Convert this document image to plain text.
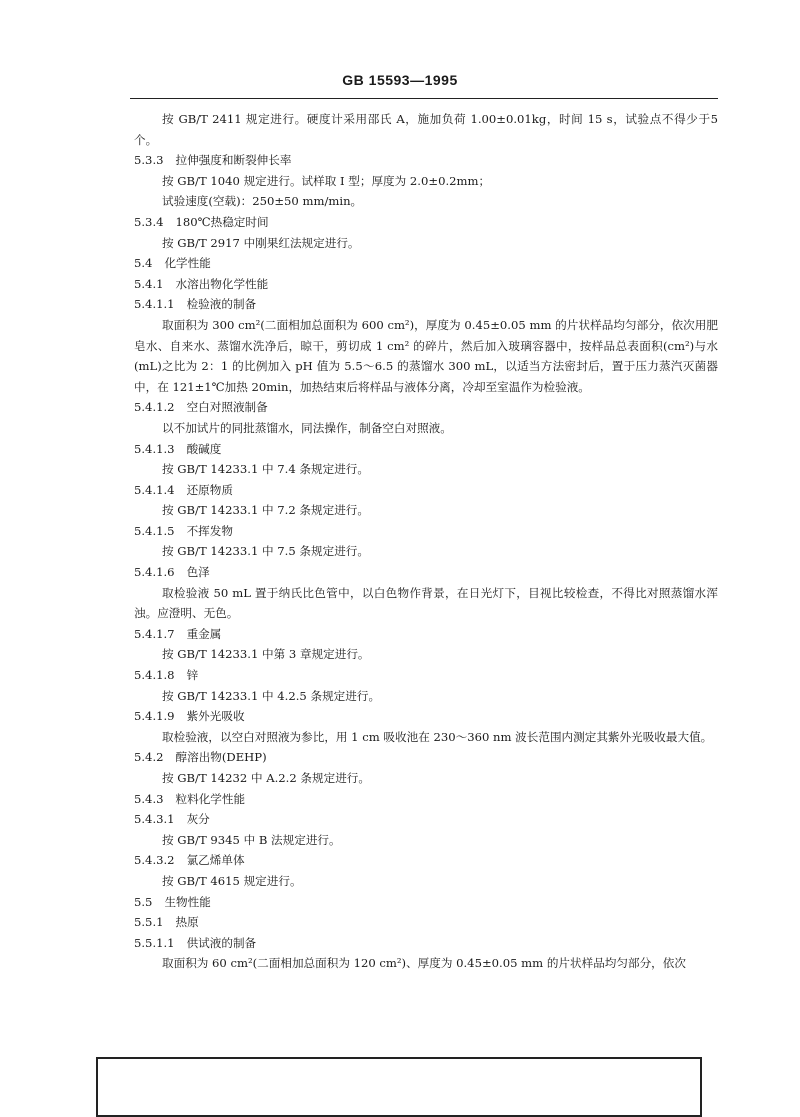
GB 15593—1995

按 GB/T 2411 规定进行。硬度计采用邵氏 A，施加负荷 1.00±0.01kg，时间 15 s，试验点不得少于5个。

5.3.3 拉伸强度和断裂伸长率

按 GB/T 1040 规定进行。试样取 Ⅰ 型；厚度为 2.0±0.2mm；

试验速度(空载)：250±50 mm/min。

5.3.4 180℃热稳定时间

按 GB/T 2917 中刚果红法规定进行。

5.4 化学性能
5.4.1 水溶出物化学性能
5.4.1.1 检验液的制备

取面积为 300 cm²(二面相加总面积为 600 cm²)，厚度为 0.45±0.05 mm 的片状样品均匀部分，依次用肥皂水、自来水、蒸馏水洗净后，晾干，剪切成 1 cm² 的碎片，然后加入玻璃容器中，按样品总表面积(cm²)与水(mL)之比为 2：1 的比例加入 pH 值为 5.5～6.5 的蒸馏水 300 mL，以适当方法密封后，置于压力蒸汽灭菌器中，在 121±1℃加热 20min，加热结束后将样品与液体分离，冷却至室温作为检验液。

5.4.1.2 空白对照液制备

以不加试片的同批蒸馏水，同法操作，制备空白对照液。

5.4.1.3 酸碱度

按 GB/T 14233.1 中 7.4 条规定进行。

5.4.1.4 还原物质

按 GB/T 14233.1 中 7.2 条规定进行。

5.4.1.5 不挥发物

按 GB/T 14233.1 中 7.5 条规定进行。

5.4.1.6 色泽

取检验液 50 mL 置于纳氏比色管中，以白色物作背景，在日光灯下，目视比较检查，不得比对照蒸馏水浑浊。应澄明、无色。

5.4.1.7 重金属

按 GB/T 14233.1 中第 3 章规定进行。

5.4.1.8 锌

按 GB/T 14233.1 中 4.2.5 条规定进行。

5.4.1.9 紫外光吸收

取检验液，以空白对照液为参比，用 1 cm 吸收池在 230～360 nm 波长范围内测定其紫外光吸收最大值。

5.4.2 醇溶出物(DEHP)

按 GB/T 14232 中 A.2.2 条规定进行。

5.4.3 粒料化学性能
5.4.3.1 灰分

按 GB/T 9345 中 B 法规定进行。

5.4.3.2 氯乙烯单体

按 GB/T 4615 规定进行。

5.5 生物性能
5.5.1 热原
5.5.1.1 供试液的制备

取面积为 60 cm²(二面相加总面积为 120 cm²)、厚度为 0.45±0.05 mm 的片状样品均匀部分，依次
